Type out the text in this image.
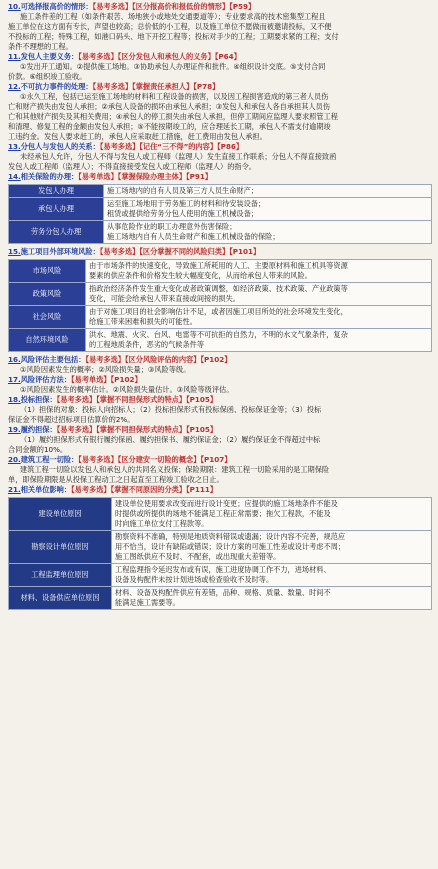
10.可选择报高价的情形：【易考多选】【区分报高价和报低价的情形】【P59】

施工条件差的工程（如条件艰苦、场地狭小或地处交通要道等）；专业要求高的技术密集型工程且

施工单位在这方面有专长，声望也较高；总价低的小工程，以及施工单位不愿做而被邀请投标，又不便

不投标的工程；特殊工程，如港口码头、地下开挖工程等；投标对手少的工程；工期要求紧的工程；支付

条件不理想的工程。

11.发包人主要义务：【易考多选】【区分发包人和承包人的义务】【P64】

①发出开工通知。②提供施工场地。③协助承包人办理证件和批件。④组织设计交底。⑤支付合同

价款。⑥组织竣工验收。

12.不可抗力事件的处理：【易考多选】【掌握责任承担人】【P78】

①永久工程，包括已运至施工场地的材料和工程设备的损害，以及因工程损害造成的第三者人员伤

亡和财产损失由发包人承担；②承包人设备的损坏由承包人承担；③发包人和承包人各自承担其人员伤

亡和其他财产损失及其相关费用；④承包人的停工损失由承包人承担，但停工期间应监理人要求照管工程

和清理、修复工程的金额由发包人承担；⑤不能按期竣工的，应合理延长工期，承包人不需支付逾期竣

工违约金。发包人要求赶工的，承包人应采取赶工措施，赶工费用由发包人承担。

13.分包人与发包人的关系：【易考多选】【记住“三不得”的内容】【P86】

未经承包人允许，分包人不得与发包人或工程师（监理人）发生直接工作联系；分包人不得直接致函

发包人或工程师（监理人）；不得直接接受发包人或工程师（监理人）的指令。

14.相关保险的办理：【易考单选】【掌握保险办理主体】【P91】
发包人办理	施工场地内的自有人员及第三方人员生命财产；

承包人办理	运至施工场地用于劳务施工的材料和待安装设备；
租赁或提供给劳务分包人使用的施工机械设备；

劳务分包人办理	从事危险作业的职工办理意外伤害保险；
施工场地内自有人员生命财产和施工机械设备的保险；
15.施工项目外部环境风险：【易考多选】【区分掌握不同的风险归类】【P101】
市场风险	由于市场条件的快速变化，导致施工所耗用的人工、主要原材料和施工机具等资源
要素的供应条件和价格发生较大幅度变化，从而给承包人带来的风险。

政策风险	指政治经济条件发生重大变化或者政策调整，如经济政策、技术政策、产业政策等
变化，可能会给承包人带来直接或间接的损失。

社会风险	由于对施工项目的社会影响估计不足，或者因施工项目所处的社会环境发生变化，
给施工带来困难和损失的可能性。

自然环境风险	洪水、地震、火灾、台风、电雷等不可抗拒的自然力，不明的水文气象条件，复杂
的工程地质条件，恶劣的气候条件等
16.风险评估主要包括：【易考多选】【区分风险评估的内容】【P102】

①风险因素发生的概率；②风险损失量；③风险等级。

17.风险评估方法：【易考单选】【P102】

①风险因素发生的概率估计。②风险损失量估计。③风险等级评估。

18.投标担保：【易考多选】【掌握不同担保形式的特点】【P105】

（1）担保的对象：投标人向招标人；（2）投标担保形式有投标保函、投标保证金等；（3）投标

保证金不得超过招标项目估算价的2%。

19.履约担保：【易考多选】【掌握不同担保形式的特点】【P105】

（1）履约担保形式有银行履约保函、履约担保书、履约保证金；（2）履约保证金不得超过中标

合同金额的10%。

20.建筑工程一切险：【易考多选】【区分建安一切险的概念】【P107】

建筑工程一切险以发包人和承包人的共同名义投保；保险期限：建筑工程一切险采用的是工期保险

单，即保险期限是从投保工程动工之日起直至工程竣工验收之日止。

21.相关单位影响：【易考多选】【掌握不同原因的分类】【P111】
建设单位原因	建设单位使用要求改变而进行设计变更；应提供的施工场地条件不能及
时提供或所提供的场地不能满足工程正常需要；拖欠工程款，不能及
时向施工单位支付工程款等。

勘察设计单位原因	勘察资料不准确，特别是地质资料错误或遗漏；设计内容不完善，规范应
用不恰当，设计有缺陷或错误；设计方案的可施工性差或设计考虑不周；
施工图纸供应不及时、不配套，或出现重大差错等。

工程监理单位原因	工程监理指令延迟发布或有误，施工进度协调工作不力，进场材料、
设备及构配件未按计划进场或检查验收不及时等。

材料、设备供应单位原因	材料、设备及构配件供应有差错，品种、规格、质量、数量、时间不
能满足施工需要等。
